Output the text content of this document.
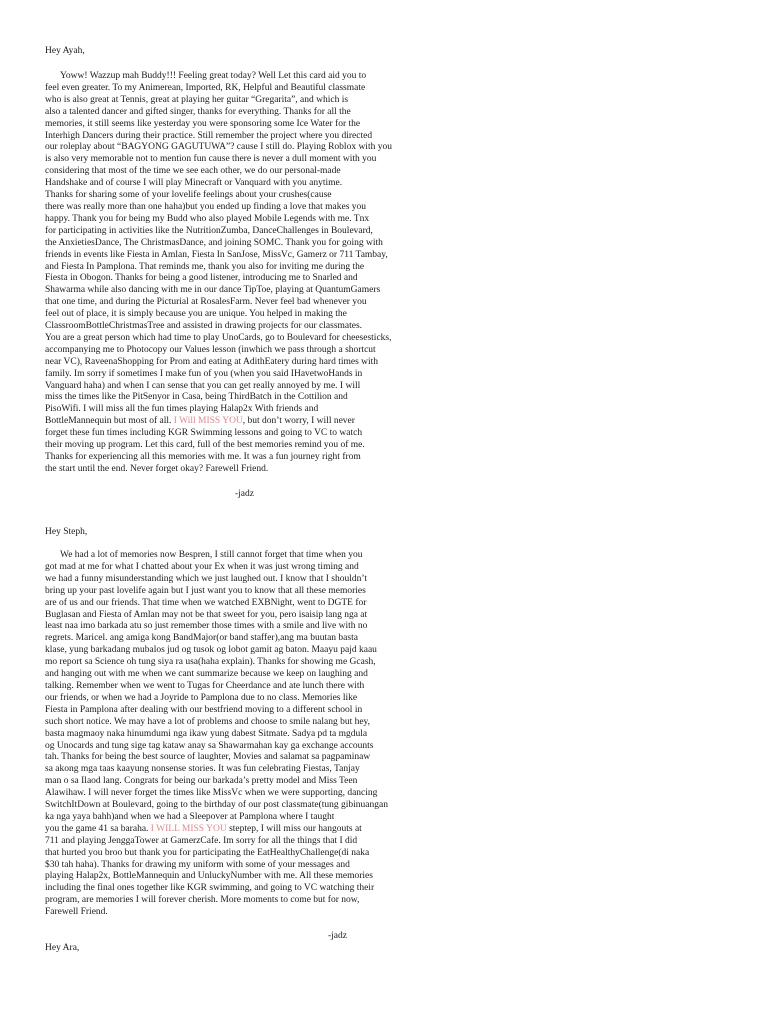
Hey Ayah,
Yoww! Wazzup mah Buddy!!! Feeling great today? Well Let this card aid you to
feel even greater. To my Animerean, Imported, RK, Helpful and Beautiful classmate
who is also great at Tennis, great at playing her guitar “Gregarita”, and which is
also a talented dancer and gifted singer, thanks for everything. Thanks for all the
memories, it still seems like yesterday you were sponsoring some Ice Water for the
Interhigh Dancers during their practice. Still remember the project where you directed
our roleplay about “BAGYONG GAGUTUWA”? cause I still do. Playing Roblox with you
is also very memorable not to mention fun cause there is never a dull moment with you
considering that most of the time we see each other, we do our personal-made
Handshake and of course I will play Minecraft or Vanquard with you anytime.
Thanks for sharing some of your lovelife feelings about your crushes(cause
there was really more than one haha)but you ended up finding a love that makes you
happy. Thank you for being my Budd who also played Mobile Legends with me. Tnx
for participating in activities like the NutritionZumba, DanceChallenges in Boulevard,
the AnxietiesDance, The ChristmasDance, and joining SOMC. Thank you for going with
friends in events like Fiesta in Amlan, Fiesta In SanJose, MissVc, Gamerz or 711 Tambay,
and Fiesta In Pamplona. That reminds me, thank you also for inviting me during the
Fiesta in Obogon. Thanks for being a good listener, introducing me to Snarled and
Shawarma while also dancing with me in our dance TipToe, playing at QuantumGamers
that one time, and during the Picturial at RosalesFarm. Never feel bad whenever you
feel out of place, it is simply because you are unique. You helped in making the
ClassroomBottleChristmasTree and assisted in drawing projects for our classmates.
You are a great person which had time to play UnoCards, go to Boulevard for cheesesticks,
accompanying me to Photocopy our Values lesson (inwhich we pass through a shortcut
near VC), RaveenaShopping for Prom and eating at AdithEatery during hard times with
family. Im sorry if sometimes I make fun of you (when you said IHavetwoHands in
Vanguard haha) and when I can sense that you can get really annoyed by me. I will
miss the times like the PitSenyor in Casa, being ThirdBatch in the Cottilion and
PisoWifi. I will miss all the fun times playing Halap2x With friends and
BottleMannequin but most of all. I Will MISS YOU, but don’t worry, I will never
forget these fun times including KGR Swimming lessons and going to VC to watch
their moving up program. Let this card, full of the best memories remind you of me.
Thanks for experiencing all this memories with me. It was a fun journey right from
the start until the end. Never forget okay? Farewell Friend.
-jadz
Hey Steph,
We had a lot of memories now Bespren, I still cannot forget that time when you
got mad at me for what I chatted about your Ex when it was just wrong timing and
we had a funny misunderstanding which we just laughed out. I know that I shouldn’t
bring up your past lovelife again but I just want you to know that all these memories
are of us and our friends. That time when we watched EXBNight, went to DGTE for
Buglasan and Fiesta of Amlan may not be that sweet for you, pero isaisip lang nga at
least naa imo barkada atu so just remember those times with a smile and live with no
regrets. Maricel. ang amiga kong BandMajor(or band staffer),ang ma buutan basta
klase, yung barkadang mubalos jud og tusok og lobot gamit ag baton. Maayu pajd kaau
mo report sa Science oh tung siya ra usa(haha explain). Thanks for showing me Gcash,
and hanging out with me when we cant summarize because we keep on laughing and
talking. Remember when we went to Tugas for Cheerdance and ate lunch there with
our friends, or when we had a Joyride to Pamplona due to no class. Memories like
Fiesta in Pamplona after dealing with our bestfriend moving to a different school in
such short notice. We may have a lot of problems and choose to smile nalang but hey,
basta magmaoy naka hinumdumi nga ikaw yung dabest Sitmate. Sadya pd ta mgdula
og Unocards and tung sige tag kataw anay sa Shawarmahan kay ga exchange accounts
tah. Thanks for being the best source of laughter, Movies and salamat sa pagpaminaw
sa akong mga taas kaayung nonsense stories. It was fun celebrating Fiestas, Tanjay
man o sa Ilaod lang. Congrats for being our barkada’s pretty model and Miss Teen
Alawihaw. I will never forget the times like MissVc when we were supporting, dancing
SwitchItDown at Boulevard, going to the birthday of our post classmate(tung gibinuangan
ka nga yaya bahh)and when we had a Sleepover at Pamplona where I taught
you the game 41 sa baraha. I WILL MISS YOU steptep, I will miss our hangouts at
711 and playing JenggaTower at GamerzCafe. Im sorry for all the things that I did
that hurted you broo but thank you for participating the EatHealthyChallenge(di naka
$30 tah haha). Thanks for drawing my uniform with some of your messages and
playing Halap2x, BottleMannequin and UnluckyNumber with me. All these memories
including the final ones together like KGR swimming, and going to VC watching their
program, are memories I will forever cherish. More moments to come but for now,
Farewell Friend.
-jadz
Hey Ara,
